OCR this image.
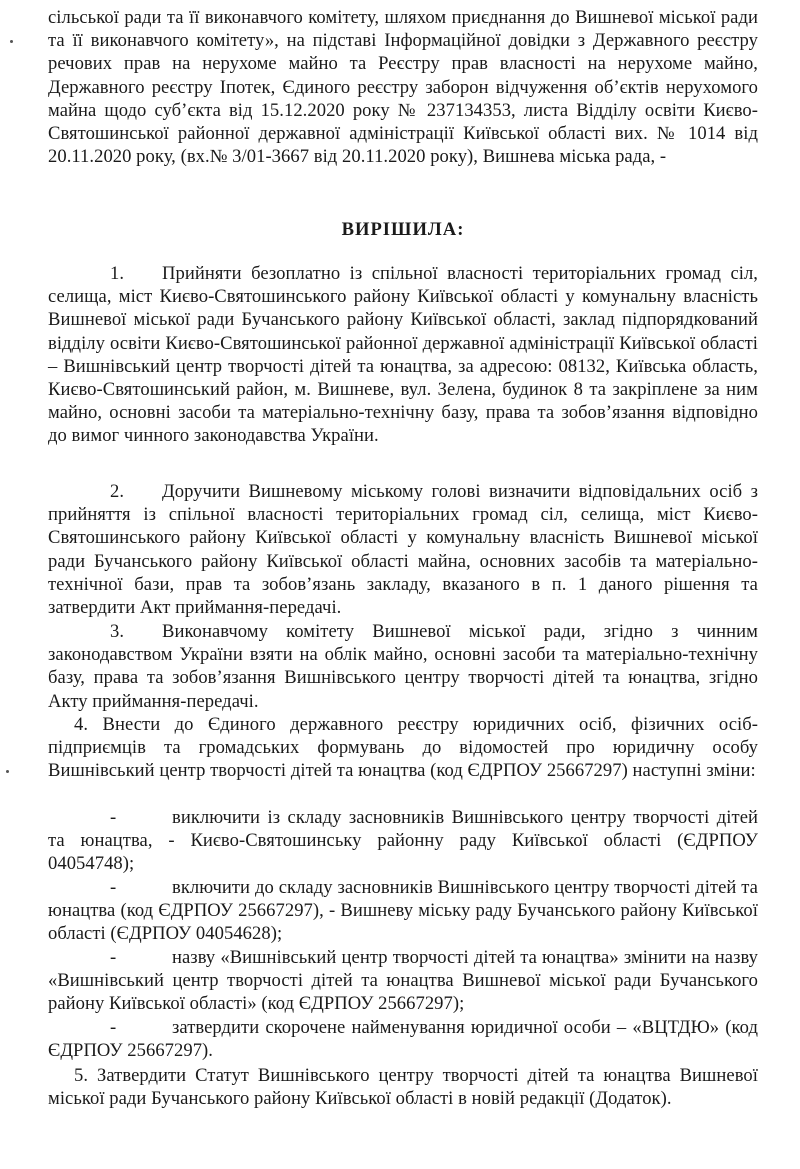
сільської ради та її виконавчого комітету, шляхом приєднання до Вишневої міської ради та її виконавчого комітету», на підставі Інформаційної довідки з Державного реєстру речових прав на нерухоме майно та Реєстру прав власності на нерухоме майно, Державного реєстру Іпотек, Єдиного реєстру заборон відчуження об’єктів нерухомого майна щодо суб’єкта від 15.12.2020 року № 237134353, листа Відділу освіти Києво-Святошинської районної державної адміністрації Київської області вих. № 1014 від 20.11.2020 року, (вх.№ 3/01-3667 від 20.11.2020 року), Вишнева міська рада, -

ВИРІШИЛА:

1. Прийняти безоплатно із спільної власності територіальних громад сіл, селища, міст Києво-Святошинського району Київської області у комунальну власність Вишневої міської ради Бучанського району Київської області, заклад підпорядкований відділу освіти Києво-Святошинської районної державної адміністрації Київської області – Вишнівський центр творчості дітей та юнацтва, за адресою: 08132, Київська область, Києво-Святошинський район, м. Вишневе, вул. Зелена, будинок 8 та закріплене за ним майно, основні засоби та матеріально-технічну базу, права та зобов’язання відповідно до вимог чинного законодавства України.

2. Доручити Вишневому міському голові визначити відповідальних осіб з прийняття із спільної власності територіальних громад сіл, селища, міст Києво-Святошинського району Київської області у комунальну власність Вишневої міської ради Бучанського району Київської області майна, основних засобів та матеріально-технічної бази, прав та зобов’язань закладу, вказаного в п. 1 даного рішення та затвердити Акт приймання-передачі.

3. Виконавчому комітету Вишневої міської ради, згідно з чинним законодавством України взяти на облік майно, основні засоби та матеріально-технічну базу, права та зобов’язання Вишнівського центру творчості дітей та юнацтва, згідно Акту приймання-передачі.

4. Внести до Єдиного державного реєстру юридичних осіб, фізичних осіб-підприємців та громадських формувань до відомостей про юридичну особу Вишнівський центр творчості дітей та юнацтва (код ЄДРПОУ 25667297) наступні зміни:

-	виключити із складу засновників Вишнівського центру творчості дітей та юнацтва, - Києво-Святошинську районну раду Київської області (ЄДРПОУ 04054748);

-	включити до складу засновників Вишнівського центру творчості дітей та юнацтва (код ЄДРПОУ 25667297), - Вишневу міську раду Бучанського району Київської області (ЄДРПОУ 04054628);

-	назву «Вишнівський центр творчості дітей та юнацтва» змінити на назву «Вишнівський центр творчості дітей та юнацтва Вишневої міської ради Бучанського району Київської області» (код ЄДРПОУ 25667297);

-	затвердити скорочене найменування юридичної особи – «ВЦТДЮ» (код ЄДРПОУ 25667297).

5. Затвердити Статут Вишнівського центру творчості дітей та юнацтва Вишневої міської ради Бучанського району Київської області в новій редакції (Додаток).
